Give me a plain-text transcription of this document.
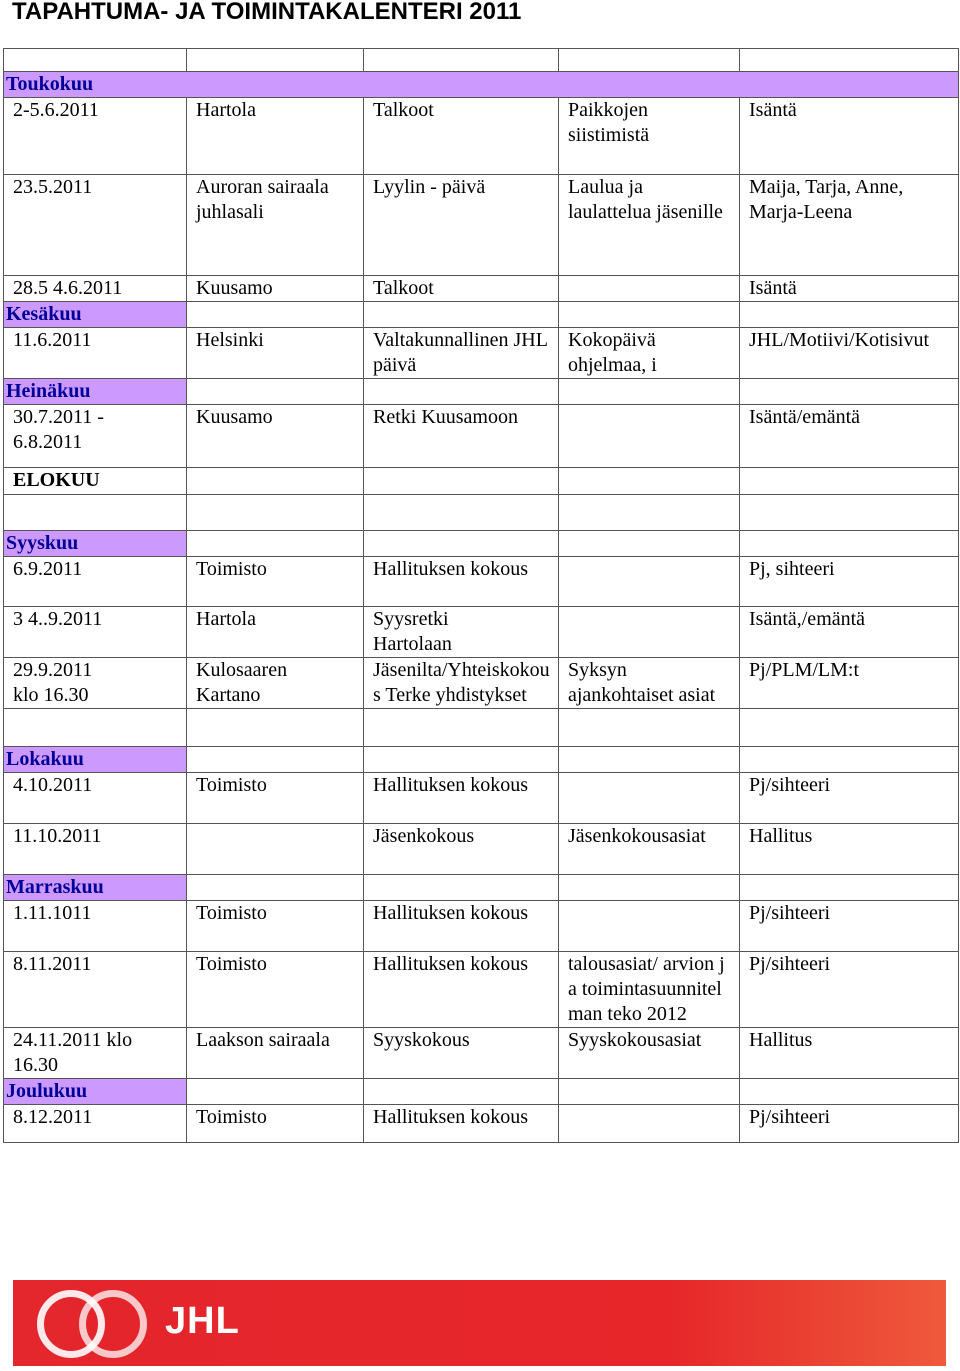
TAPAHTUMA- JA TOIMINTAKALENTERI 2011

Toukokuu				
2-5.6.2011	Hartola	Talkoot	Paikkojen siistimistä	Isäntä
23.5.2011	Auroran sairaala juhlasali	Lyylin - päivä	Laulua ja laulattelua jäsenille	Maija, Tarja, Anne, Marja-Leena
28.5 4.6.2011	Kuusamo	Talkoot		Isäntä
Kesäkuu				
11.6.2011	Helsinki	Valtakunnallinen JHL päivä	Kokopäivä ohjelmaa, i	JHL/Motiivi/Kotisivut
Heinäkuu				
30.7.2011 - 6.8.2011	Kuusamo	Retki Kuusamoon		Isäntä/emäntä
ELOKUU				

Syyskuu				
6.9.2011	Toimisto	Hallituksen kokous		Pj, sihteeri
3 4..9.2011	Hartola	Syysretki Hartolaan		Isäntä,/emäntä
29.9.2011 klo 16.30	Kulosaaren Kartano	Jäsenilta/Yhteiskokous Terke yhdistykset	Syksyn ajankohtaiset asiat	Pj/PLM/LM:t

Lokakuu				
4.10.2011	Toimisto	Hallituksen kokous		Pj/sihteeri
11.10.2011		Jäsenkokous	Jäsenkokousasiat	Hallitus
Marraskuu				
1.11.1011	Toimisto	Hallituksen kokous		Pj/sihteeri
8.11.2011	Toimisto	Hallituksen kokous	talousasiat/ arvion ja toimintasuunnitelman teko 2012	Pj/sihteeri
24.11.2011 klo 16.30	Laakson sairaala	Syyskokous	Syyskokousasiat	Hallitus
Joulukuu				
8.12.2011	Toimisto	Hallituksen kokous		Pj/sihteeri
JHL
